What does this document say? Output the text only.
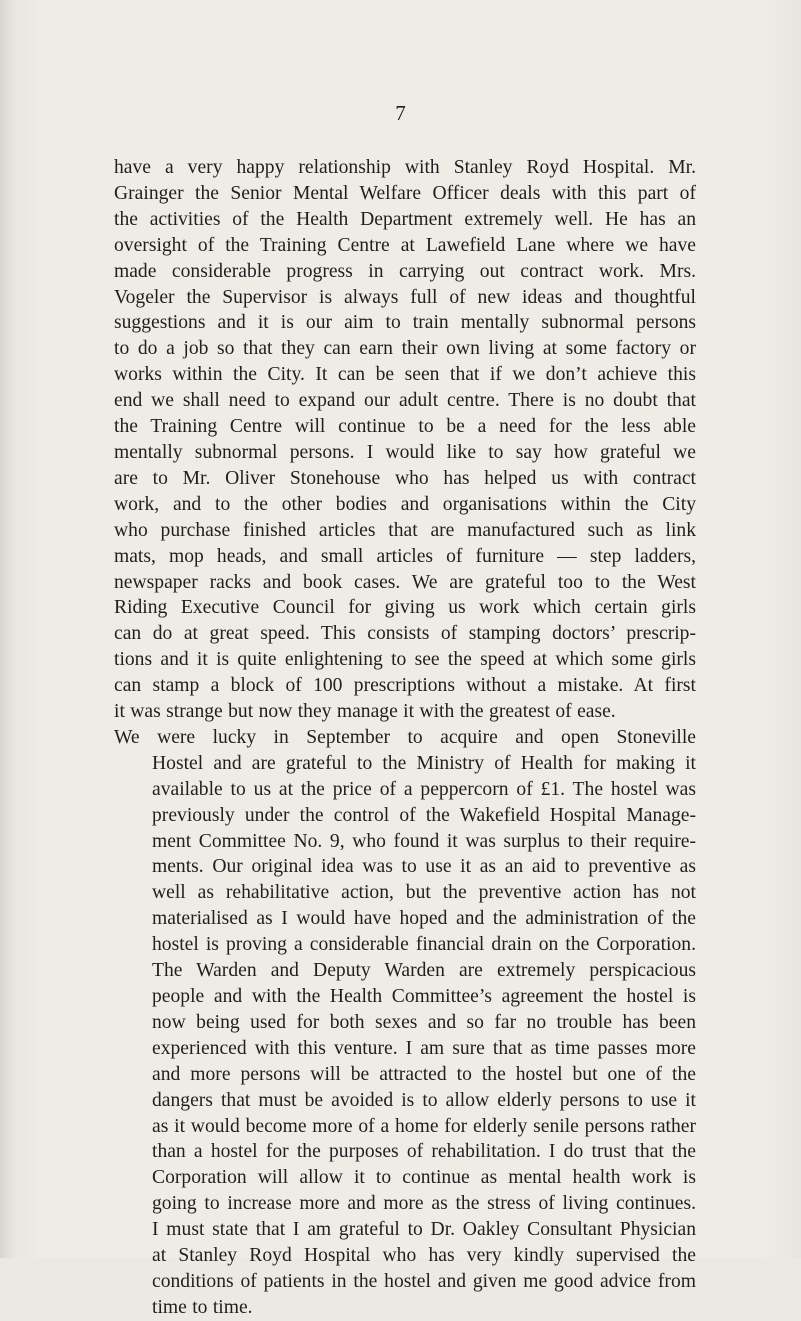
7

have a very happy relationship with Stanley Royd Hospital. Mr.
Grainger the Senior Mental Welfare Officer deals with this part of
the activities of the Health Department extremely well. He has an
oversight of the Training Centre at Lawefield Lane where we have
made considerable progress in carrying out contract work. Mrs.
Vogeler the Supervisor is always full of new ideas and thoughtful
suggestions and it is our aim to train mentally subnormal persons
to do a job so that they can earn their own living at some factory or
works within the City. It can be seen that if we don’t achieve this
end we shall need to expand our adult centre. There is no doubt that
the Training Centre will continue to be a need for the less able
mentally subnormal persons. I would like to say how grateful we
are to Mr. Oliver Stonehouse who has helped us with contract
work, and to the other bodies and organisations within the City
who purchase finished articles that are manufactured such as link
mats, mop heads, and small articles of furniture — step ladders,
newspaper racks and book cases. We are grateful too to the West
Riding Executive Council for giving us work which certain girls
can do at great speed. This consists of stamping doctors’ prescrip-
tions and it is quite enlightening to see the speed at which some girls
can stamp a block of 100 prescriptions without a mistake. At first
it was strange but now they manage it with the greatest of ease.

We were lucky in September to acquire and open Stoneville
Hostel and are grateful to the Ministry of Health for making it
available to us at the price of a peppercorn of £1. The hostel was
previously under the control of the Wakefield Hospital Manage-
ment Committee No. 9, who found it was surplus to their require-
ments. Our original idea was to use it as an aid to preventive as
well as rehabilitative action, but the preventive action has not
materialised as I would have hoped and the administration of the
hostel is proving a considerable financial drain on the Corporation.
The Warden and Deputy Warden are extremely perspicacious
people and with the Health Committee’s agreement the hostel is
now being used for both sexes and so far no trouble has been
experienced with this venture. I am sure that as time passes more
and more persons will be attracted to the hostel but one of the
dangers that must be avoided is to allow elderly persons to use it
as it would become more of a home for elderly senile persons rather
than a hostel for the purposes of rehabilitation. I do trust that the
Corporation will allow it to continue as mental health work is
going to increase more and more as the stress of living continues.
I must state that I am grateful to Dr. Oakley Consultant Physician
at Stanley Royd Hospital who has very kindly supervised the
conditions of patients in the hostel and given me good advice from
time to time.
